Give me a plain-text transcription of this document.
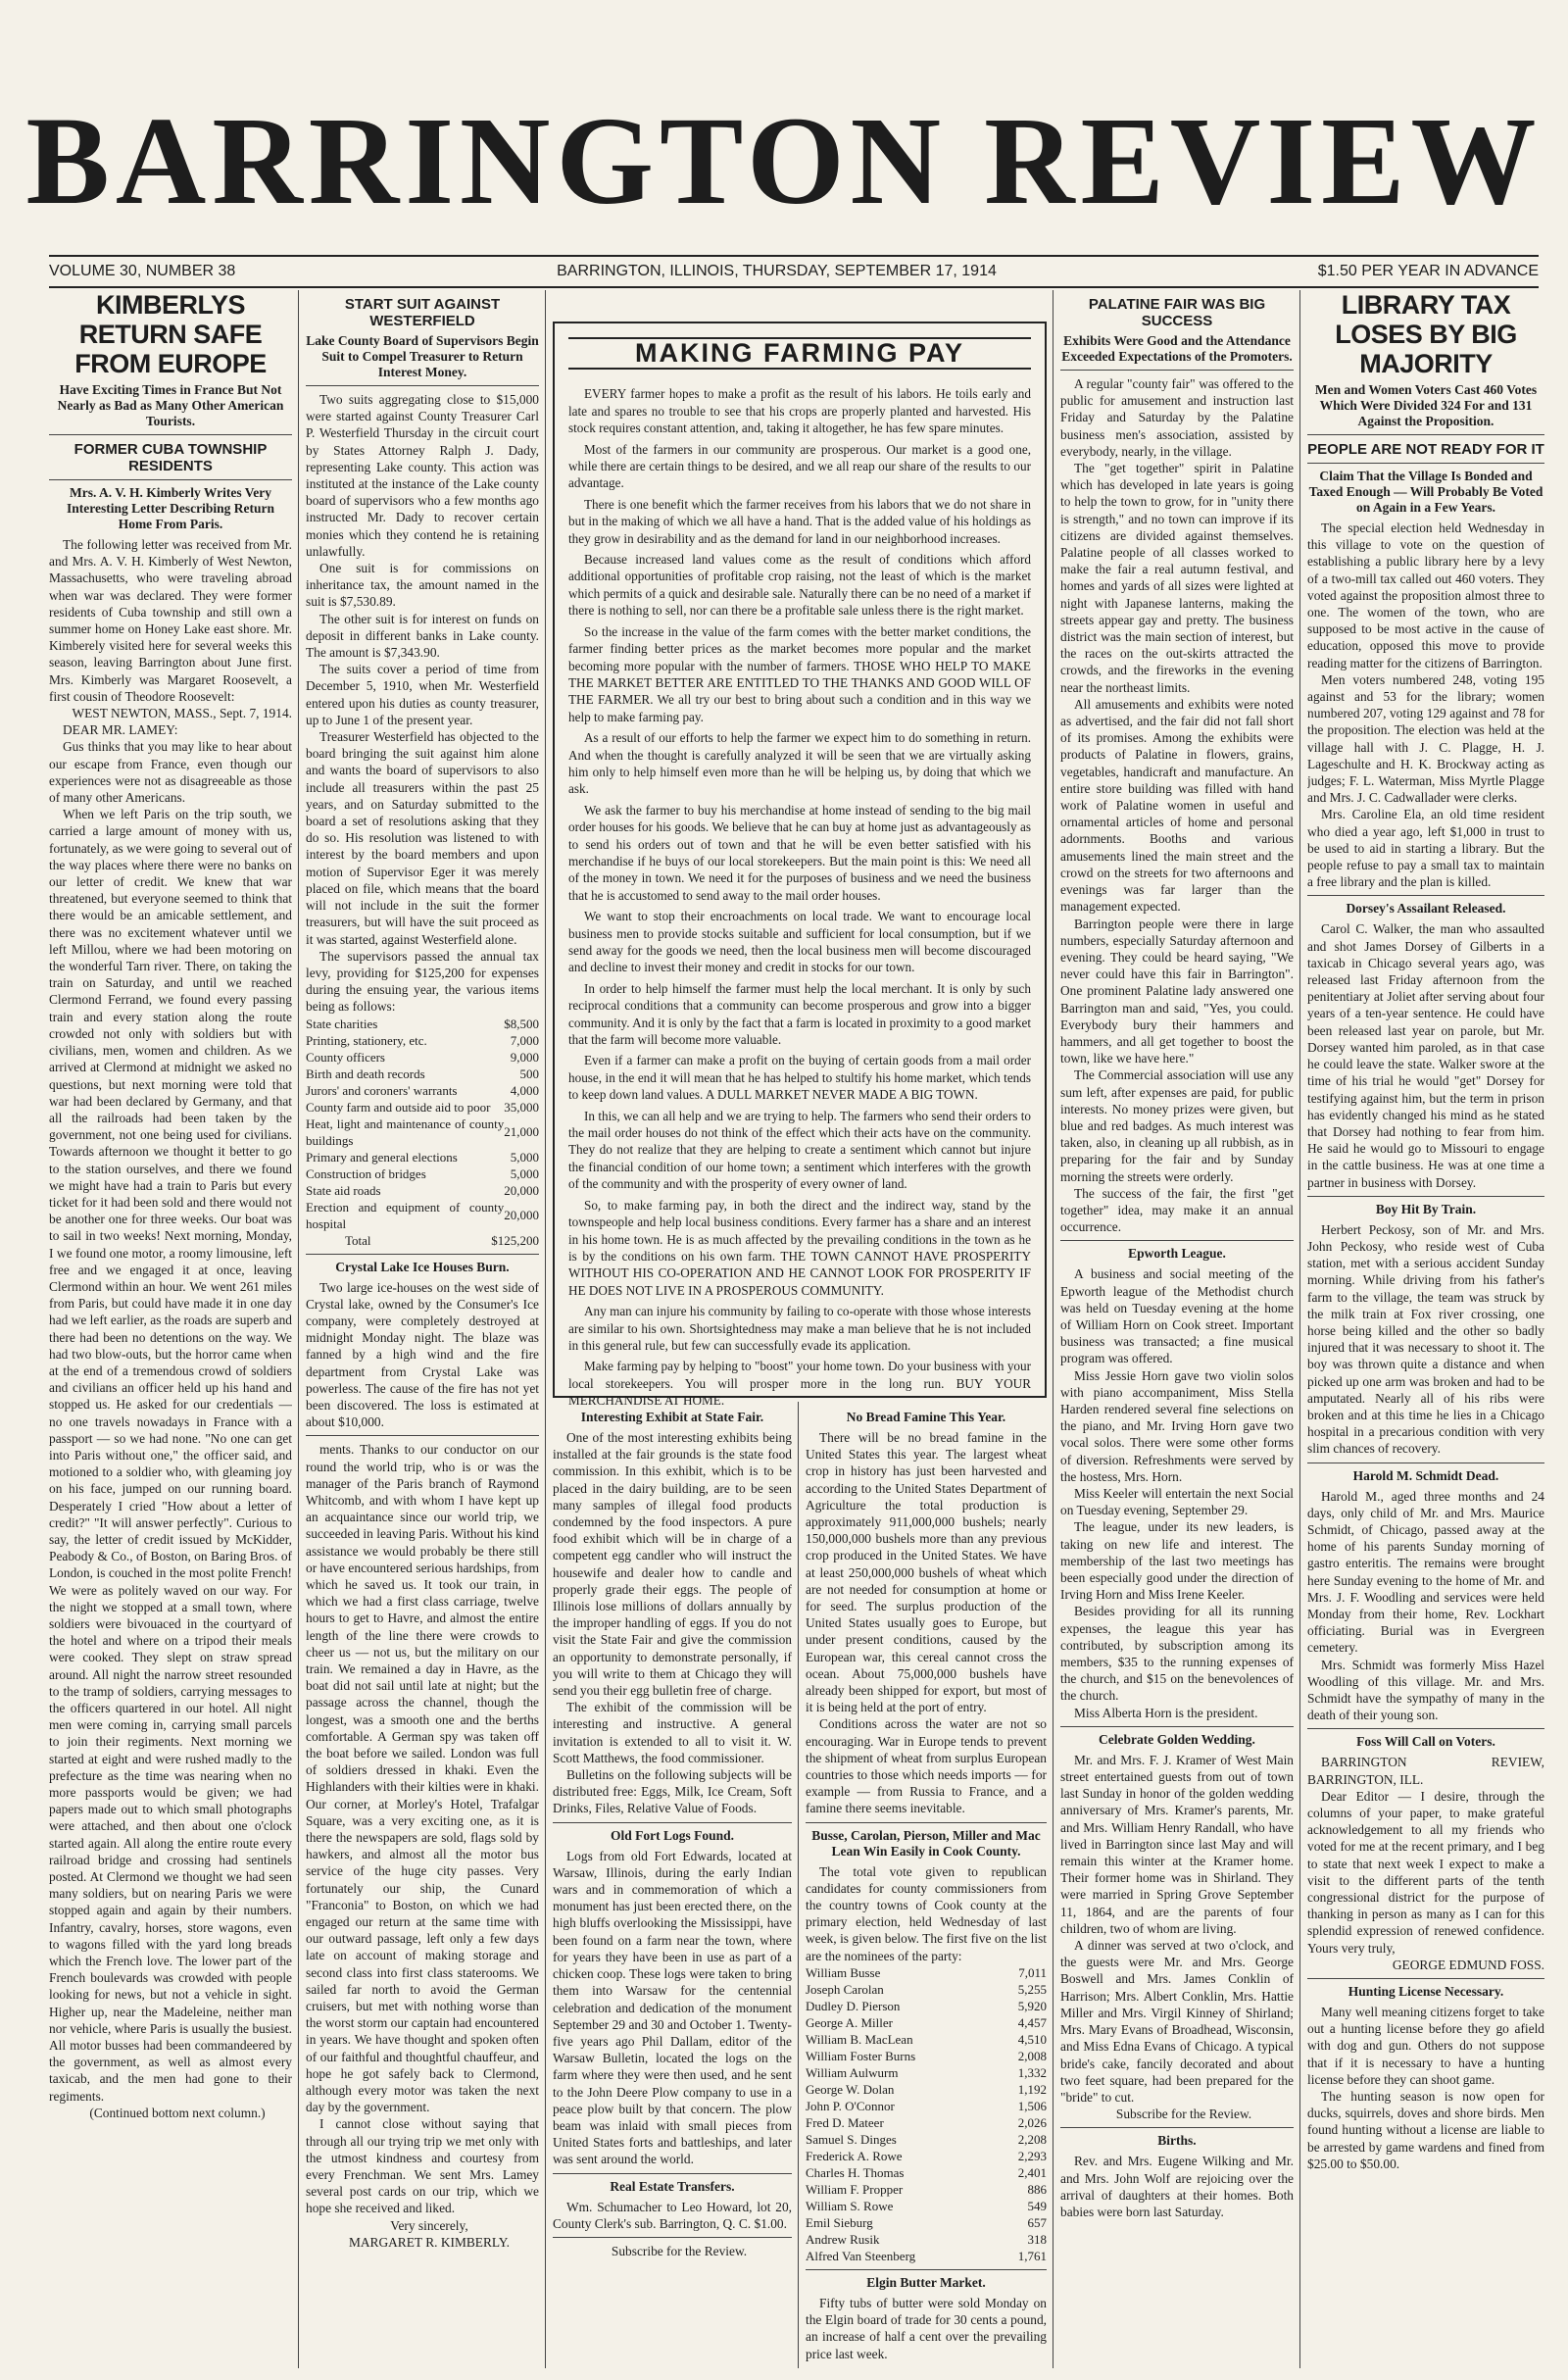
BARRINGTON REVIEW
VOLUME 30, NUMBER 38	BARRINGTON, ILLINOIS, THURSDAY, SEPTEMBER 17, 1914	$1.50 PER YEAR IN ADVANCE
KIMBERLYS RETURN SAFE FROM EUROPE
Have Exciting Times in France But Not Nearly as Bad as Many Other American Tourists.
FORMER CUBA TOWNSHIP RESIDENTS
Mrs. A. V. H. Kimberly Writes Very Interesting Letter Describing Return Home From Paris.

The following letter was received from Mr. and Mrs. A. V. H. Kimberly of West Newton, Massachusetts, who were traveling abroad when war was declared. They were former residents of Cuba township and still own a summer home on Honey Lake east shore. Mr. Kimberely visited here for several weeks this season, leaving Barrington about June first. Mrs. Kimberly was Margaret Roosevelt, a first cousin of Theodore Roosevelt:

WEST NEWTON, MASS., Sept. 7, 1914.

DEAR MR. LAMEY:

Gus thinks that you may like to hear about our escape from France, even though our experiences were not as disagreeable as those of many other Americans.

When we left Paris on the trip south, we carried a large amount of money with us, fortunately, as we were going to several out of the way places where there were no banks on our letter of credit. We knew that war threatened, but everyone seemed to think that there would be an amicable settlement, and there was no excitement whatever until we left Millou, where we had been motoring on the wonderful Tarn river. There, on taking the train on Saturday, and until we reached Clermond Ferrand, we found every passing train and every station along the route crowded not only with soldiers but with civilians, men, women and children. As we arrived at Clermond at midnight we asked no questions, but next morning were told that war had been declared by Germany, and that all the railroads had been taken by the government, not one being used for civilians. Towards afternoon we thought it better to go to the station ourselves, and there we found we might have had a train to Paris but every ticket for it had been sold and there would not be another one for three weeks. Our boat was to sail in two weeks! Next morning, Monday, I we found one motor, a roomy limousine, left free and we engaged it at once, leaving Clermond within an hour. We went 261 miles from Paris, but could have made it in one day had we left earlier, as the roads are superb and there had been no detentions on the way. We had two blow-outs, but the horror came when at the end of a tremendous crowd of soldiers and civilians an officer held up his hand and stopped us. He asked for our credentials — no one travels nowadays in France with a passport — so we had none. "No one can get into Paris without one," the officer said, and motioned to a soldier who, with gleaming joy on his face, jumped on our running board. Desperately I cried "How about a letter of credit?" "It will answer perfectly". Curious to say, the letter of credit issued by McKidder, Peabody & Co., of Boston, on Baring Bros. of London, is couched in the most polite French! We were as politely waved on our way. For the night we stopped at a small town, where soldiers were bivouaced in the courtyard of the hotel and where on a tripod their meals were cooked. They slept on straw spread around. All night the narrow street resounded to the tramp of soldiers, carrying messages to the officers quartered in our hotel. All night men were coming in, carrying small parcels to join their regiments. Next morning we started at eight and were rushed madly to the prefecture as the time was nearing when no more passports would be given; we had papers made out to which small photographs were attached, and then about one o'clock started again. All along the entire route every railroad bridge and crossing had sentinels posted. At Clermond we thought we had seen many soldiers, but on nearing Paris we were stopped again and again by their numbers. Infantry, cavalry, horses, store wagons, even to wagons filled with the yard long breads which the French love. The lower part of the French boulevards was crowded with people looking for news, but not a vehicle in sight. Higher up, near the Madeleine, neither man nor vehicle, where Paris is usually the busiest. All motor busses had been commandeered by the government, as well as almost every taxicab, and the men had gone to their regiments.

(Continued bottom next column.)

START SUIT AGAINST WESTERFIELD
Lake County Board of Supervisors Begin Suit to Compel Treasurer to Return Interest Money.

Two suits aggregating close to $15,000 were started against County Treasurer Carl P. Westerfield Thursday in the circuit court by States Attorney Ralph J. Dady, representing Lake county. This action was instituted at the instance of the Lake county board of supervisors who a few months ago instructed Mr. Dady to recover certain monies which they contend he is retaining unlawfully.

One suit is for commissions on inheritance tax, the amount named in the suit is $7,530.89.

The other suit is for interest on funds on deposit in different banks in Lake county. The amount is $7,343.90.

The suits cover a period of time from December 5, 1910, when Mr. Westerfield entered upon his duties as county treasurer, up to June 1 of the present year.

Treasurer Westerfield has objected to the board bringing the suit against him alone and wants the board of supervisors to also include all treasurers within the past 25 years, and on Saturday submitted to the board a set of resolutions asking that they do so. His resolution was listened to with interest by the board members and upon motion of Supervisor Eger it was merely placed on file, which means that the board will not include in the suit the former treasurers, but will have the suit proceed as it was started, against Westerfield alone.

The supervisors passed the annual tax levy, providing for $125,200 for expenses during the ensuing year, the various items being as follows:

State charities	$8,500
Printing, stationery, etc.	7,000
County officers	9,000
Birth and death records	500
Jurors' and coroners' warrants	4,000
County farm and outside aid to poor	35,000
Heat, light and maintenance of county buildings	21,000
Primary and general elections	5,000
Construction of bridges	5,000
State aid roads	20,000
Erection and equipment of county hospital	20,000
Total	$125,200
Crystal Lake Ice Houses Burn.

Two large ice-houses on the west side of Crystal lake, owned by the Consumer's Ice company, were completely destroyed at midnight Monday night. The blaze was fanned by a high wind and the fire department from Crystal Lake was powerless. The cause of the fire has not yet been discovered. The loss is estimated at about $10,000.

ments. Thanks to our conductor on our round the world trip, who is or was the manager of the Paris branch of Raymond Whitcomb, and with whom I have kept up an acquaintance since our world trip, we succeeded in leaving Paris. Without his kind assistance we would probably be there still or have encountered serious hardships, from which he saved us. It took our train, in which we had a first class carriage, twelve hours to get to Havre, and almost the entire length of the line there were crowds to cheer us — not us, but the military on our train. We remained a day in Havre, as the boat did not sail until late at night; but the passage across the channel, though the longest, was a smooth one and the berths comfortable. A German spy was taken off the boat before we sailed. London was full of soldiers dressed in khaki. Even the Highlanders with their kilties were in khaki. Our corner, at Morley's Hotel, Trafalgar Square, was a very exciting one, as it is there the newspapers are sold, flags sold by hawkers, and almost all the motor bus service of the huge city passes. Very fortunately our ship, the Cunard "Franconia" to Boston, on which we had engaged our return at the same time with our outward passage, left only a few days late on account of making storage and second class into first class staterooms. We sailed far north to avoid the German cruisers, but met with nothing worse than the worst storm our captain had encountered in years. We have thought and spoken often of our faithful and thoughtful chauffeur, and hope he got safely back to Clermond, although every motor was taken the next day by the government.

I cannot close without saying that through all our trying trip we met only with the utmost kindness and courtesy from every Frenchman. We sent Mrs. Lamey several post cards on our trip, which we hope she received and liked.

Very sincerely,

MARGARET R. KIMBERLY.

MAKING FARMING PAY

EVERY farmer hopes to make a profit as the result of his labors. He toils early and late and spares no trouble to see that his crops are properly planted and harvested. His stock requires constant attention, and, taking it altogether, he has few spare minutes.

Most of the farmers in our community are prosperous. Our market is a good one, while there are certain things to be desired, and we all reap our share of the results to our advantage.

There is one benefit which the farmer receives from his labors that we do not share in but in the making of which we all have a hand. That is the added value of his holdings as they grow in desirability and as the demand for land in our neighborhood increases.

Because increased land values come as the result of conditions which afford additional opportunities of profitable crop raising, not the least of which is the market which permits of a quick and desirable sale. Naturally there can be no need of a market if there is nothing to sell, nor can there be a profitable sale unless there is the right market.

So the increase in the value of the farm comes with the better market conditions, the farmer finding better prices as the market becomes more popular and the market becoming more popular with the number of farmers. THOSE WHO HELP TO MAKE THE MARKET BETTER ARE ENTITLED TO THE THANKS AND GOOD WILL OF THE FARMER. We all try our best to bring about such a condition and in this way we help to make farming pay.

As a result of our efforts to help the farmer we expect him to do something in return. And when the thought is carefully analyzed it will be seen that we are virtually asking him only to help himself even more than he will be helping us, by doing that which we ask.

We ask the farmer to buy his merchandise at home instead of sending to the big mail order houses for his goods. We believe that he can buy at home just as advantageously as to send his orders out of town and that he will be even better satisfied with his merchandise if he buys of our local storekeepers. But the main point is this: We need all of the money in town. We need it for the purposes of business and we need the business that he is accustomed to send away to the mail order houses.

We want to stop their encroachments on local trade. We want to encourage local business men to provide stocks suitable and sufficient for local consumption, but if we send away for the goods we need, then the local business men will become discouraged and decline to invest their money and credit in stocks for our town.

In order to help himself the farmer must help the local merchant. It is only by such reciprocal conditions that a community can become prosperous and grow into a bigger community. And it is only by the fact that a farm is located in proximity to a good market that the farm will become more valuable.

Even if a farmer can make a profit on the buying of certain goods from a mail order house, in the end it will mean that he has helped to stultify his home market, which tends to keep down land values. A DULL MARKET NEVER MADE A BIG TOWN.

In this, we can all help and we are trying to help. The farmers who send their orders to the mail order houses do not think of the effect which their acts have on the community. They do not realize that they are helping to create a sentiment which cannot but injure the financial condition of our home town; a sentiment which interferes with the growth of the community and with the prosperity of every owner of land.

So, to make farming pay, in both the direct and the indirect way, stand by the townspeople and help local business conditions. Every farmer has a share and an interest in his home town. He is as much affected by the prevailing conditions in the town as he is by the conditions on his own farm. THE TOWN CANNOT HAVE PROSPERITY WITHOUT HIS CO-OPERATION AND HE CANNOT LOOK FOR PROSPERITY IF HE DOES NOT LIVE IN A PROSPEROUS COMMUNITY.

Any man can injure his community by failing to co-operate with those whose interests are similar to his own. Shortsightedness may make a man believe that he is not included in this general rule, but few can successfully evade its application.

Make farming pay by helping to "boost" your home town. Do your business with your local storekeepers. You will prosper more in the long run. BUY YOUR MERCHANDISE AT HOME.

Interesting Exhibit at State Fair.

One of the most interesting exhibits being installed at the fair grounds is the state food commission. In this exhibit, which is to be placed in the dairy building, are to be seen many samples of illegal food products condemned by the food inspectors. A pure food exhibit which will be in charge of a competent egg candler who will instruct the housewife and dealer how to candle and properly grade their eggs. The people of Illinois lose millions of dollars annually by the improper handling of eggs. If you do not visit the State Fair and give the commission an opportunity to demonstrate personally, if you will write to them at Chicago they will send you their egg bulletin free of charge.

The exhibit of the commission will be interesting and instructive. A general invitation is extended to all to visit it. W. Scott Matthews, the food commissioner.

Bulletins on the following subjects will be distributed free: Eggs, Milk, Ice Cream, Soft Drinks, Files, Relative Value of Foods.

Old Fort Logs Found.

Logs from old Fort Edwards, located at Warsaw, Illinois, during the early Indian wars and in commemoration of which a monument has just been erected there, on the high bluffs overlooking the Mississippi, have been found on a farm near the town, where for years they have been in use as part of a chicken coop. These logs were taken to bring them into Warsaw for the centennial celebration and dedication of the monument September 29 and 30 and October 1. Twenty-five years ago Phil Dallam, editor of the Warsaw Bulletin, located the logs on the farm where they were then used, and he sent to the John Deere Plow company to use in a peace plow built by that concern. The plow beam was inlaid with small pieces from United States forts and battleships, and later was sent around the world.

Real Estate Transfers.

Wm. Schumacher to Leo Howard, lot 20, County Clerk's sub. Barrington, Q. C. $1.00.

Subscribe for the Review.

No Bread Famine This Year.

There will be no bread famine in the United States this year. The largest wheat crop in history has just been harvested and according to the United States Department of Agriculture the total production is approximately 911,000,000 bushels; nearly 150,000,000 bushels more than any previous crop produced in the United States. We have at least 250,000,000 bushels of wheat which are not needed for consumption at home or for seed. The surplus production of the United States usually goes to Europe, but under present conditions, caused by the European war, this cereal cannot cross the ocean. About 75,000,000 bushels have already been shipped for export, but most of it is being held at the port of entry.

Conditions across the water are not so encouraging. War in Europe tends to prevent the shipment of wheat from surplus European countries to those which needs imports — for example — from Russia to France, and a famine there seems inevitable.

Busse, Carolan, Pierson, Miller and Mac Lean Win Easily in Cook County.

The total vote given to republican candidates for county commissioners from the country towns of Cook county at the primary election, held Wednesday of last week, is given below. The first five on the list are the nominees of the party:

William Busse	7,011
Joseph Carolan	5,255
Dudley D. Pierson	5,920
George A. Miller	4,457
William B. MacLean	4,510
William Foster Burns	2,008
William Aulwurm	1,332
George W. Dolan	1,192
John P. O'Connor	1,506
Fred D. Mateer	2,026
Samuel S. Dinges	2,208
Frederick A. Rowe	2,293
Charles H. Thomas	2,401
William F. Propper	886
William S. Rowe	549
Emil Sieburg	657
Andrew Rusik	318
Alfred Van Steenberg	1,761
Elgin Butter Market.

Fifty tubs of butter were sold Monday on the Elgin board of trade for 30 cents a pound, an increase of half a cent over the prevailing price last week.

PALATINE FAIR WAS BIG SUCCESS
Exhibits Were Good and the Attendance Exceeded Expectations of the Promoters.

A regular "county fair" was offered to the public for amusement and instruction last Friday and Saturday by the Palatine business men's association, assisted by everybody, nearly, in the village.

The "get together" spirit in Palatine which has developed in late years is going to help the town to grow, for in "unity there is strength," and no town can improve if its citizens are divided against themselves. Palatine people of all classes worked to make the fair a real autumn festival, and homes and yards of all sizes were lighted at night with Japanese lanterns, making the streets appear gay and pretty. The business district was the main section of interest, but the races on the out-skirts attracted the crowds, and the fireworks in the evening near the northeast limits.

All amusements and exhibits were noted as advertised, and the fair did not fall short of its promises. Among the exhibits were products of Palatine in flowers, grains, vegetables, handicraft and manufacture. An entire store building was filled with hand work of Palatine women in useful and ornamental articles of home and personal adornments. Booths and various amusements lined the main street and the crowd on the streets for two afternoons and evenings was far larger than the management expected.

Barrington people were there in large numbers, especially Saturday afternoon and evening. They could be heard saying, "We never could have this fair in Barrington". One prominent Palatine lady answered one Barrington man and said, "Yes, you could. Everybody bury their hammers and hammers, and all get together to boost the town, like we have here."

The Commercial association will use any sum left, after expenses are paid, for public interests. No money prizes were given, but blue and red badges. As much interest was taken, also, in cleaning up all rubbish, as in preparing for the fair and by Sunday morning the streets were orderly.

The success of the fair, the first "get together" idea, may make it an annual occurrence.

Epworth League.

A business and social meeting of the Epworth league of the Methodist church was held on Tuesday evening at the home of William Horn on Cook street. Important business was transacted; a fine musical program was offered.

Miss Jessie Horn gave two violin solos with piano accompaniment, Miss Stella Harden rendered several fine selections on the piano, and Mr. Irving Horn gave two vocal solos. There were some other forms of diversion. Refreshments were served by the hostess, Mrs. Horn.

Miss Keeler will entertain the next Social on Tuesday evening, September 29.

The league, under its new leaders, is taking on new life and interest. The membership of the last two meetings has been especially good under the direction of Irving Horn and Miss Irene Keeler.

Besides providing for all its running expenses, the league this year has contributed, by subscription among its members, $35 to the running expenses of the church, and $15 on the benevolences of the church.

Miss Alberta Horn is the president.

Celebrate Golden Wedding.

Mr. and Mrs. F. J. Kramer of West Main street entertained guests from out of town last Sunday in honor of the golden wedding anniversary of Mrs. Kramer's parents, Mr. and Mrs. William Henry Randall, who have lived in Barrington since last May and will remain this winter at the Kramer home. Their former home was in Shirland. They were married in Spring Grove September 11, 1864, and are the parents of four children, two of whom are living.

A dinner was served at two o'clock, and the guests were Mr. and Mrs. George Boswell and Mrs. James Conklin of Harrison; Mrs. Albert Conklin, Mrs. Hattie Miller and Mrs. Virgil Kinney of Shirland; Mrs. Mary Evans of Broadhead, Wisconsin, and Miss Edna Evans of Chicago. A typical bride's cake, fancily decorated and about two feet square, had been prepared for the "bride" to cut.

Subscribe for the Review.

Births.

Rev. and Mrs. Eugene Wilking and Mr. and Mrs. John Wolf are rejoicing over the arrival of daughters at their homes. Both babies were born last Saturday.

LIBRARY TAX LOSES BY BIG MAJORITY
Men and Women Voters Cast 460 Votes Which Were Divided 324 For and 131 Against the Proposition.
PEOPLE ARE NOT READY FOR IT
Claim That the Village Is Bonded and Taxed Enough — Will Probably Be Voted on Again in a Few Years.

The special election held Wednesday in this village to vote on the question of establishing a public library here by a levy of a two-mill tax called out 460 voters. They voted against the proposition almost three to one. The women of the town, who are supposed to be most active in the cause of education, opposed this move to provide reading matter for the citizens of Barrington.

Men voters numbered 248, voting 195 against and 53 for the library; women numbered 207, voting 129 against and 78 for the proposition. The election was held at the village hall with J. C. Plagge, H. J. Lageschulte and H. K. Brockway acting as judges; F. L. Waterman, Miss Myrtle Plagge and Mrs. J. C. Cadwallader were clerks.

Mrs. Caroline Ela, an old time resident who died a year ago, left $1,000 in trust to be used to aid in starting a library. But the people refuse to pay a small tax to maintain a free library and the plan is killed.

Dorsey's Assailant Released.

Carol C. Walker, the man who assaulted and shot James Dorsey of Gilberts in a taxicab in Chicago several years ago, was released last Friday afternoon from the penitentiary at Joliet after serving about four years of a ten-year sentence. He could have been released last year on parole, but Mr. Dorsey wanted him paroled, as in that case he could leave the state. Walker swore at the time of his trial he would "get" Dorsey for testifying against him, but the term in prison has evidently changed his mind as he stated that Dorsey had nothing to fear from him. He said he would go to Missouri to engage in the cattle business. He was at one time a partner in business with Dorsey.

Boy Hit By Train.

Herbert Peckosy, son of Mr. and Mrs. John Peckosy, who reside west of Cuba station, met with a serious accident Sunday morning. While driving from his father's farm to the village, the team was struck by the milk train at Fox river crossing, one horse being killed and the other so badly injured that it was necessary to shoot it. The boy was thrown quite a distance and when picked up one arm was broken and had to be amputated. Nearly all of his ribs were broken and at this time he lies in a Chicago hospital in a precarious condition with very slim chances of recovery.

Harold M. Schmidt Dead.

Harold M., aged three months and 24 days, only child of Mr. and Mrs. Maurice Schmidt, of Chicago, passed away at the home of his parents Sunday morning of gastro enteritis. The remains were brought here Sunday evening to the home of Mr. and Mrs. J. F. Woodling and services were held Monday from their home, Rev. Lockhart officiating. Burial was in Evergreen cemetery.

Mrs. Schmidt was formerly Miss Hazel Woodling of this village. Mr. and Mrs. Schmidt have the sympathy of many in the death of their young son.

Foss Will Call on Voters.

BARRINGTON REVIEW, BARRINGTON, ILL.

Dear Editor — I desire, through the columns of your paper, to make grateful acknowledgement to all my friends who voted for me at the recent primary, and I beg to state that next week I expect to make a visit to the different parts of the tenth congressional district for the purpose of thanking in person as many as I can for this splendid expression of renewed confidence. Yours very truly,

GEORGE EDMUND FOSS.

Hunting License Necessary.

Many well meaning citizens forget to take out a hunting license before they go afield with dog and gun. Others do not suppose that if it is necessary to have a hunting license before they can shoot game.

The hunting season is now open for ducks, squirrels, doves and shore birds. Men found hunting without a license are liable to be arrested by game wardens and fined from $25.00 to $50.00.
